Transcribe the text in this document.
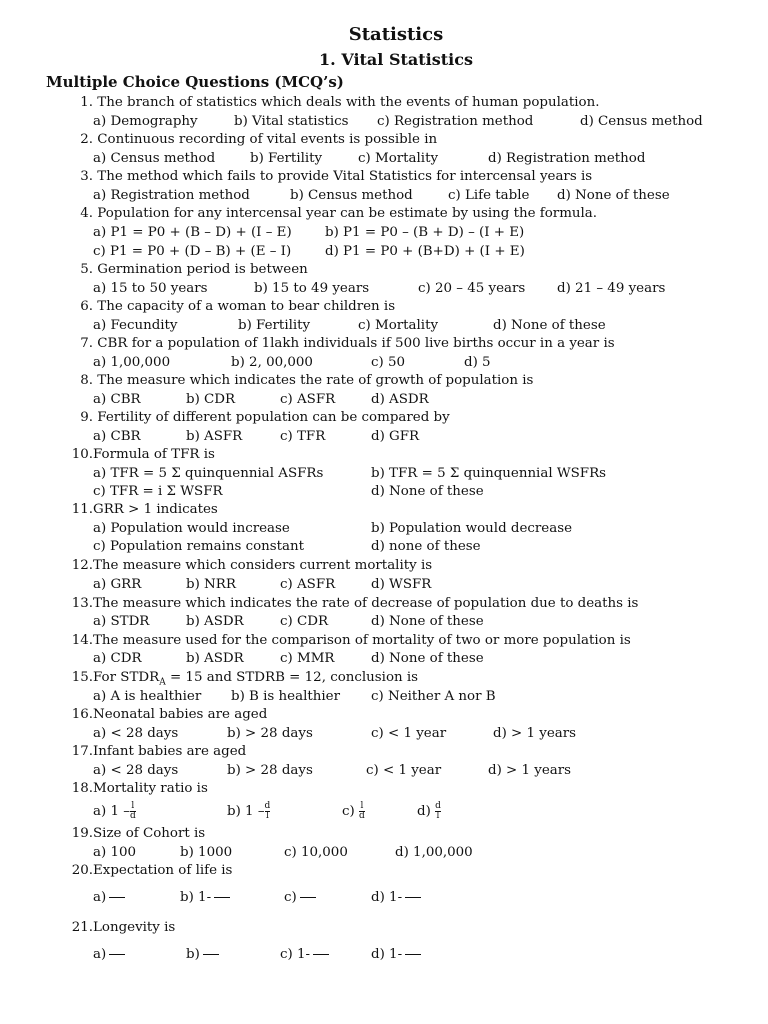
Statistics
1. Vital Statistics
Multiple Choice Questions (MCQ’s)
1. The branch of statistics which deals with the events of human population.
a) Demography	b) Vital statistics c) Registration method	d) Census method
2. Continuous recording of vital events is possible in
a) Census method	b) Fertility	c) Mortality	d) Registration method
3. The method which fails to provide Vital Statistics for intercensal years is
a) Registration method	b) Census method	c) Life table d) None of these
4. Population for any intercensal year can be estimate by using the formula.
a) P1 = P0 + (B – D) + (I – E) b) P1 = P0 – (B + D) – (I + E)
c) P1 = P0 + (D – B) + (E – I)	d) P1 = P0 + (B+D) + (I + E)
5. Germination period is between
a) 15 to 50 years	b) 15 to 49 years	c) 20 – 45 years d) 21 – 49 years
6. The capacity of a woman to bear children is
a) Fecundity	b) Fertility	c) Mortality	d) None of these
7. CBR for a population of 1lakh individuals if 500 live births occur in a year is
a) 1,00,000	b) 2, 00,000	c) 50	d) 5
8. The measure which indicates the rate of growth of population is
a) CBR	b) CDR	c) ASFR	d) ASDR
9. Fertility of different population can be compared by
a) CBR	b) ASFR	c) TFR	d) GFR
10.Formula of TFR is
a) TFR = 5 Σ quinquennial ASFRs	b) TFR = 5 Σ quinquennial WSFRs
c) TFR = i Σ WSFR	d) None of these
11.GRR > 1 indicates
a) Population would increase	b) Population would decrease
c) Population remains constant	d) none of these
12.The measure which considers current mortality is
a) GRR	b) NRR	c) ASFR	d) WSFR
13.The measure which indicates the rate of decrease of population due to deaths is
a) STDR	b) ASDR	c) CDR	d) None of these
14.The measure used for the comparison of mortality of two or more population is
a) CDR	b) ASDR	c) MMR	d) None of these
15.For $STDR_A = 15$ and STDRB = 12, conclusion is
a) A is healthier b) B is healthier c) Neither A nor B
16.Neonatal babies are aged
a) < 28 days	b) > 28 days	c) < 1 year	d) > 1 years
17.Infant babies are aged
a) < 28 days	b) > 28 days	c) < 1 year	d) > 1 years
18.Mortality ratio is
a) $1 - \frac{l}{d}$	b) $1 - \frac{d}{l}$	$c) \frac{l}{d}$	$d) \frac{d}{l}$
19.Size of Cohort is
a) 100	b) 1000	c) 10,000	d) 1,00,000
20.Expectation of life is
a)	b) 1-	c)	d) 1-
21.Longevity is
a)	b)	c) 1-	d) 1-
